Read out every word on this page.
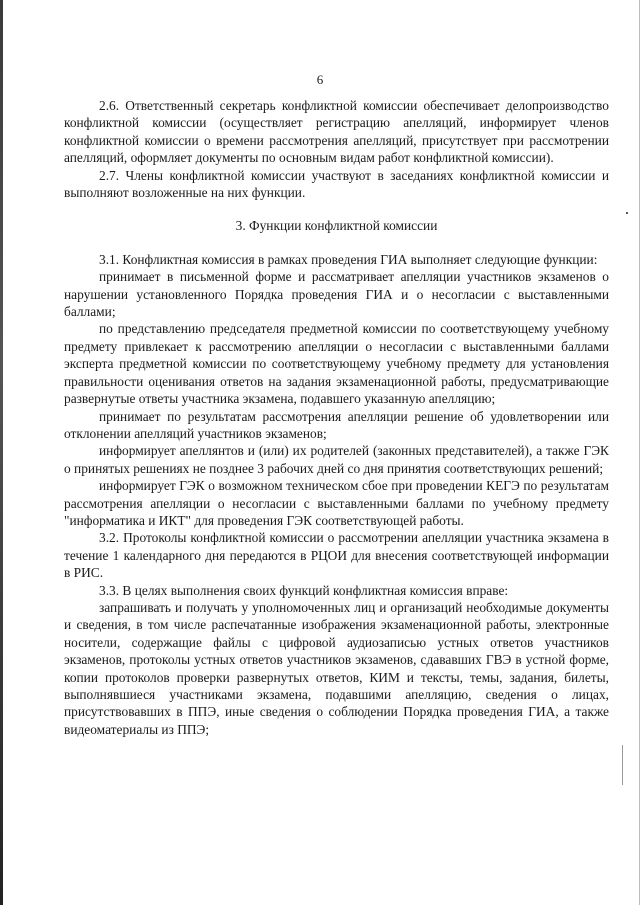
6

2.6. Ответственный секретарь конфликтной комиссии обеспечивает делопроизводство конфликтной комиссии (осуществляет регистрацию апелляций, информирует членов конфликтной комиссии о времени рассмотрения апелляций, присутствует при рассмотрении апелляций, оформляет документы по основным видам работ конфликтной комиссии).

2.7. Члены конфликтной комиссии участвуют в заседаниях конфликтной комиссии и выполняют возложенные на них функции.

3. Функции конфликтной комиссии

3.1. Конфликтная комиссия в рамках проведения ГИА выполняет следующие функции:

принимает в письменной форме и рассматривает апелляции участников экзаменов о нарушении установленного Порядка проведения ГИА и о несогласии с выставленными баллами;

по представлению председателя предметной комиссии по соответствующему учебному предмету привлекает к рассмотрению апелляции о несогласии с выставленными баллами эксперта предметной комиссии по соответствующему учебному предмету для установления правильности оценивания ответов на задания экзаменационной работы, предусматривающие развернутые ответы участника экзамена, подавшего указанную апелляцию;

принимает по результатам рассмотрения апелляции решение об удовлетворении или отклонении апелляций участников экзаменов;

информирует апеллянтов и (или) их родителей (законных представителей), а также ГЭК о принятых решениях не позднее 3 рабочих дней со дня принятия соответствующих решений;

информирует ГЭК о возможном техническом сбое при проведении КЕГЭ по результатам рассмотрения апелляции о несогласии с выставленными баллами по учебному предмету "информатика и ИКТ" для проведения ГЭК соответствующей работы.

3.2. Протоколы конфликтной комиссии о рассмотрении апелляции участника экзамена в течение 1 календарного дня передаются в РЦОИ для внесения соответствующей информации в РИС.

3.3. В целях выполнения своих функций конфликтная комиссия вправе:

запрашивать и получать у уполномоченных лиц и организаций необходимые документы и сведения, в том числе распечатанные изображения экзаменационной работы, электронные носители, содержащие файлы с цифровой аудиозаписью устных ответов участников экзаменов, протоколы устных ответов участников экзаменов, сдававших ГВЭ в устной форме, копии протоколов проверки развернутых ответов, КИМ и тексты, темы, задания, билеты, выполнявшиеся участниками экзамена, подавшими апелляцию, сведения о лицах, присутствовавших в ППЭ, иные сведения о соблюдении Порядка проведения ГИА, а также видеоматериалы из ППЭ;
